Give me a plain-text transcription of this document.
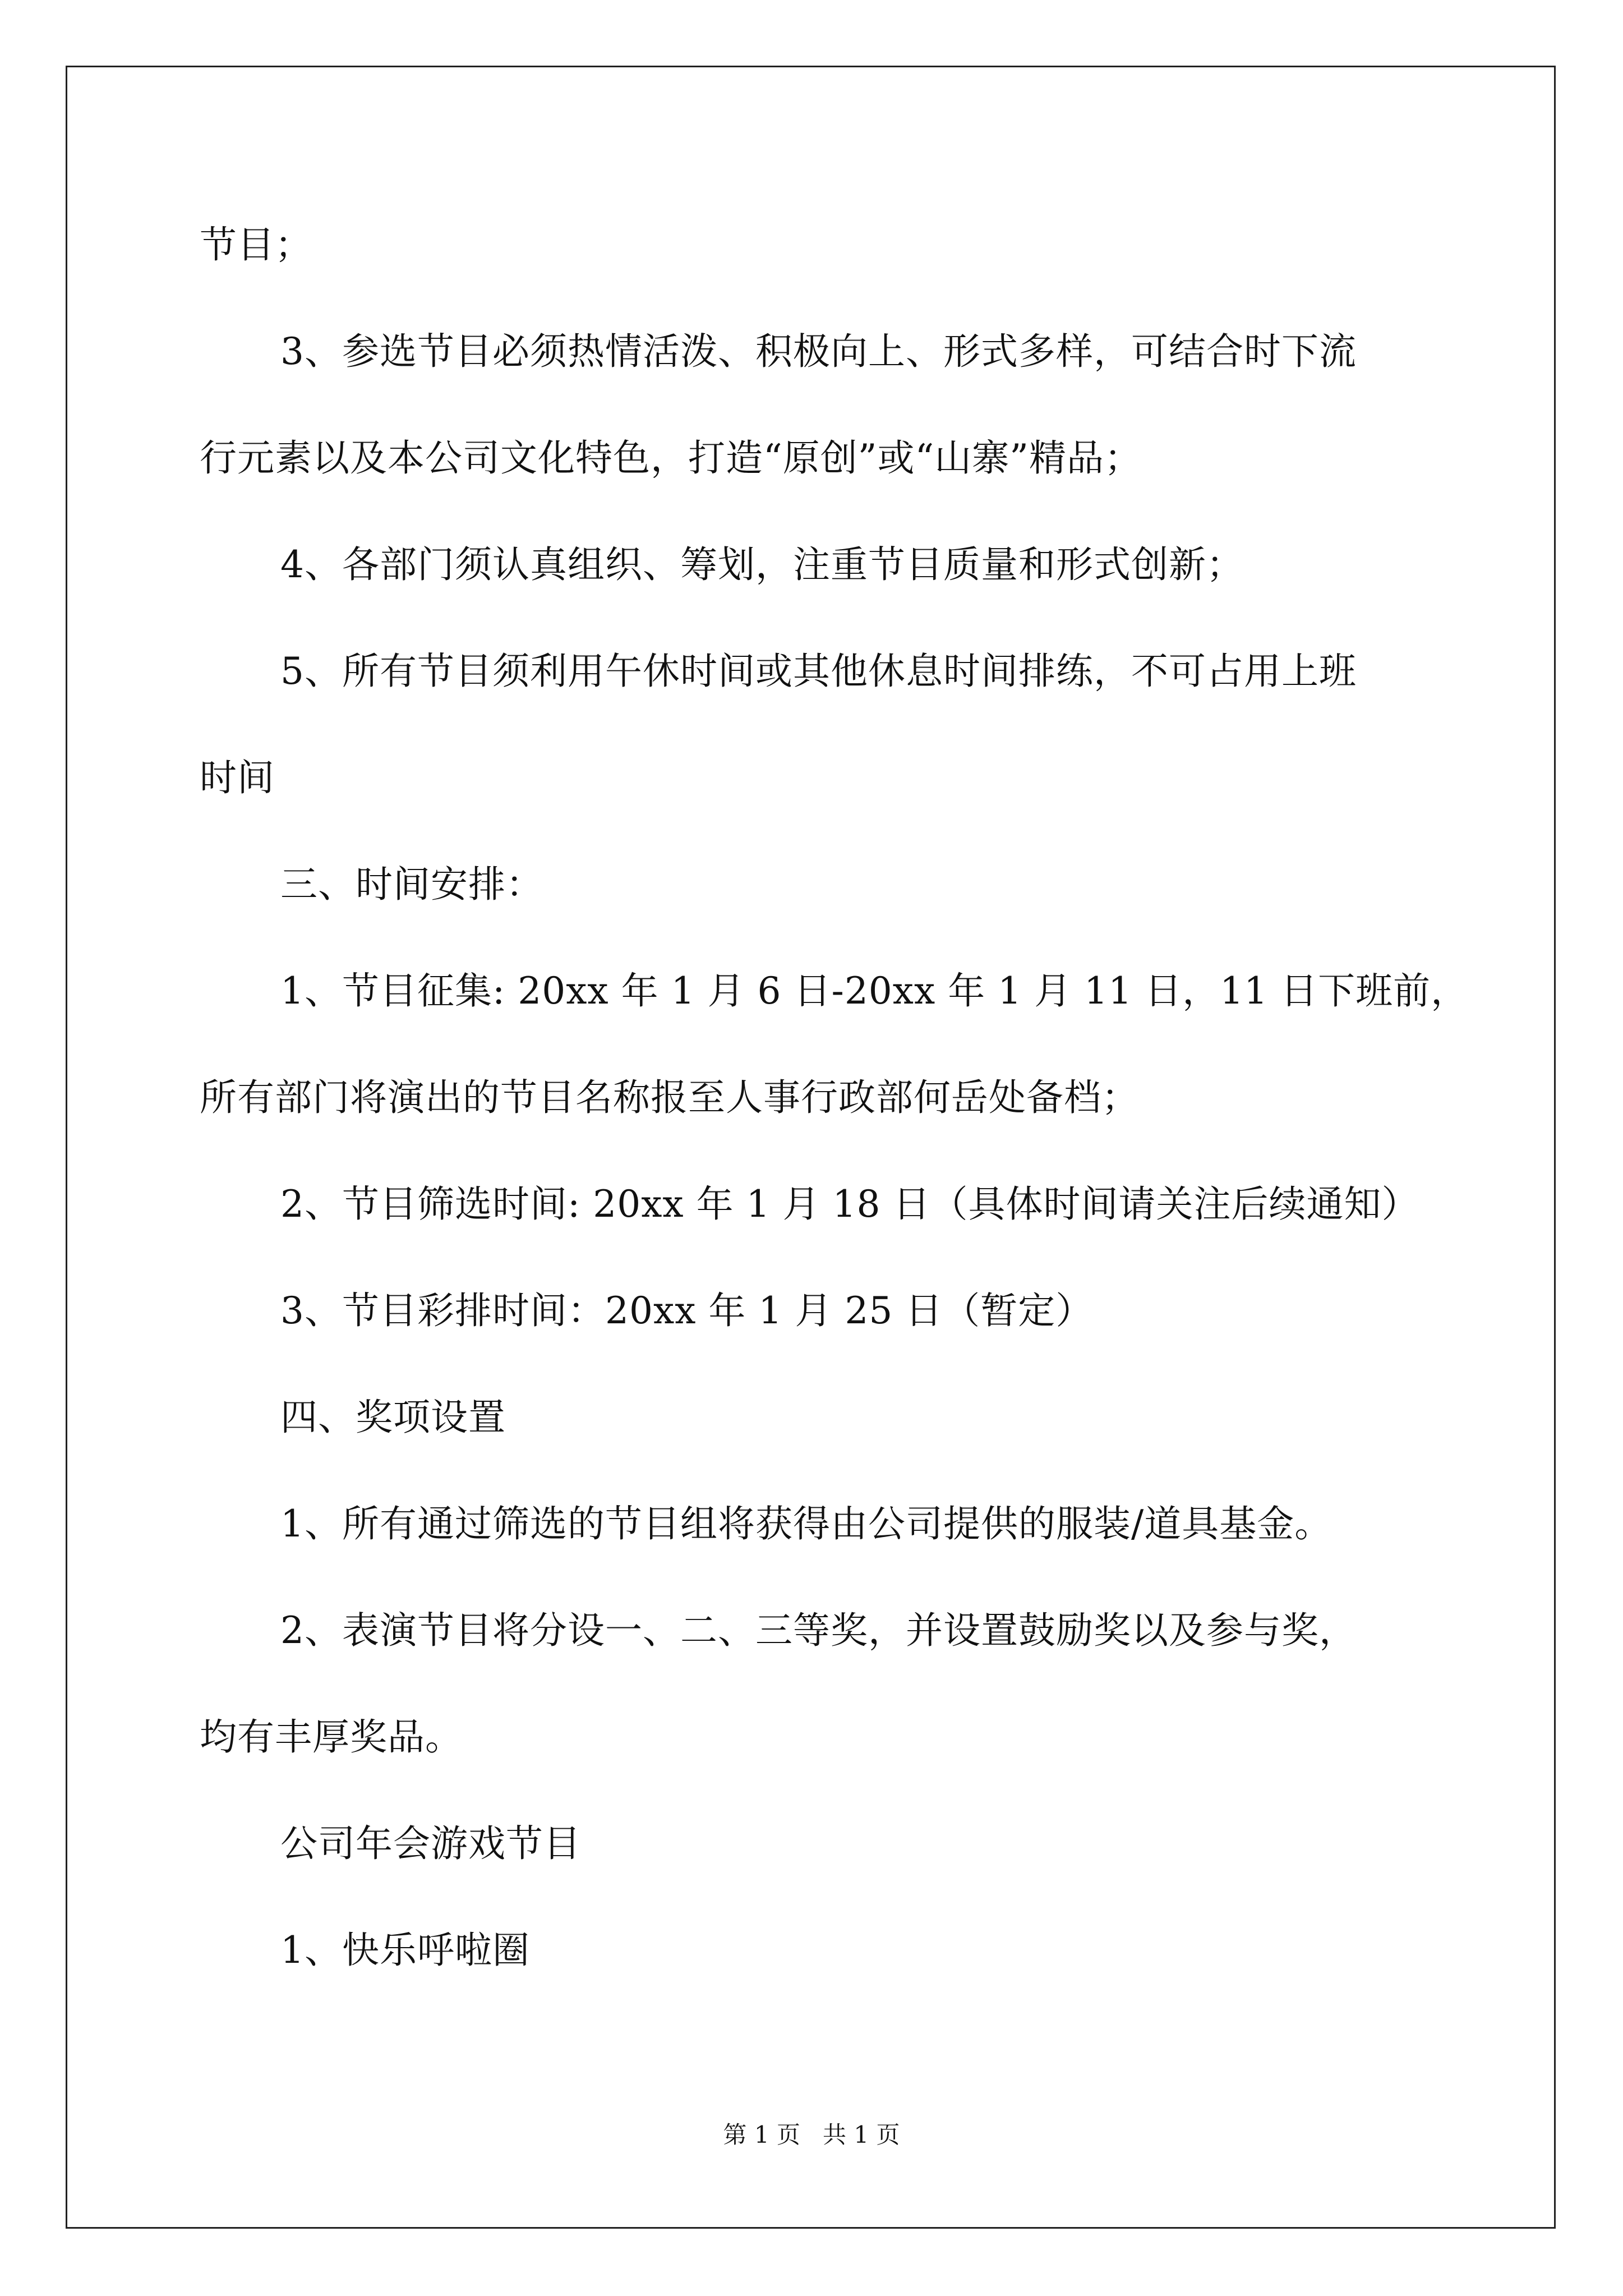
节目；
3、参选节目必须热情活泼、积极向上、形式多样，可结合时下流
行元素以及本公司文化特色，打造“原创”或“山寨”精品；
4、各部门须认真组织、筹划，注重节目质量和形式创新；
5、所有节目须利用午休时间或其他休息时间排练，不可占用上班
时间
三、时间安排：
1、节目征集: 20xx 年 1 月 6 日-20xx 年 1 月 11 日，11 日下班前，
所有部门将演出的节目名称报至人事行政部何岳处备档；
2、节目筛选时间: 20xx 年 1 月 18 日（具体时间请关注后续通知）
3、节目彩排时间：20xx 年 1 月 25 日（暂定）
四、奖项设置
1、所有通过筛选的节目组将获得由公司提供的服装/道具基金。
2、表演节目将分设一、二、三等奖，并设置鼓励奖以及参与奖，
均有丰厚奖品。
公司年会游戏节目
1、快乐呼啦圈
第 1 页   共 1 页
